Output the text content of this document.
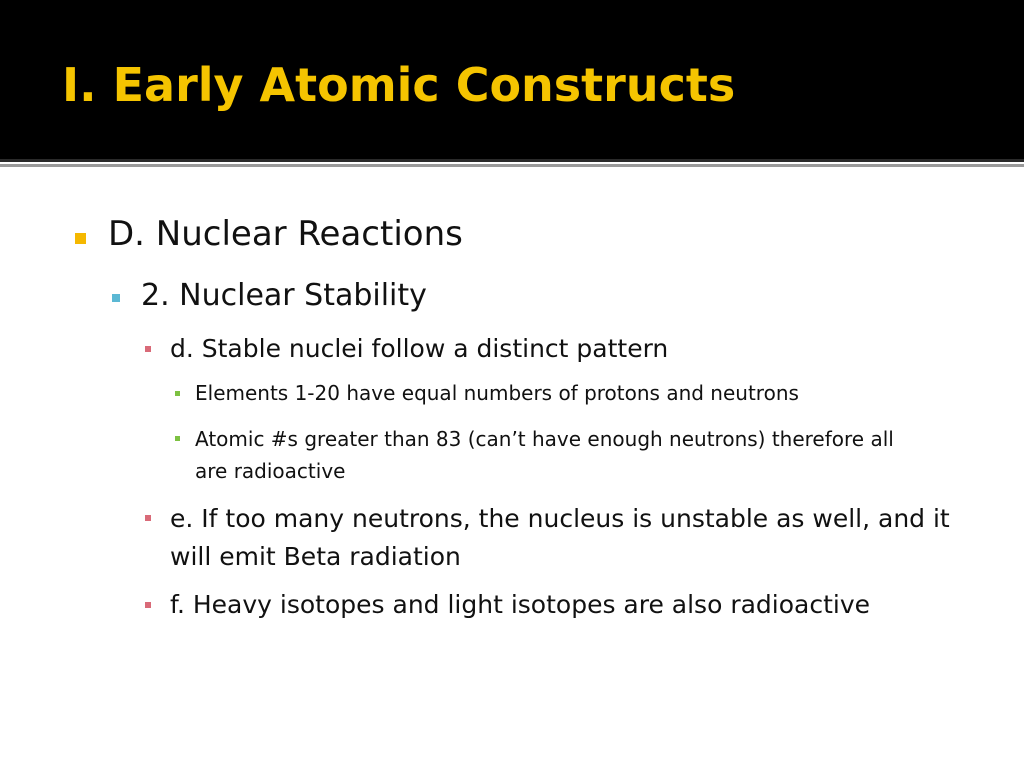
I. Early Atomic Constructs
D. Nuclear Reactions
2. Nuclear Stability
d. Stable nuclei follow a distinct pattern
Elements 1-20 have equal numbers of protons and neutrons
Atomic #s greater than 83 (can’t have enough neutrons) therefore all are radioactive
e. If too many neutrons, the nucleus is unstable as well, and it will emit Beta radiation
f. Heavy isotopes and light isotopes are also radioactive
